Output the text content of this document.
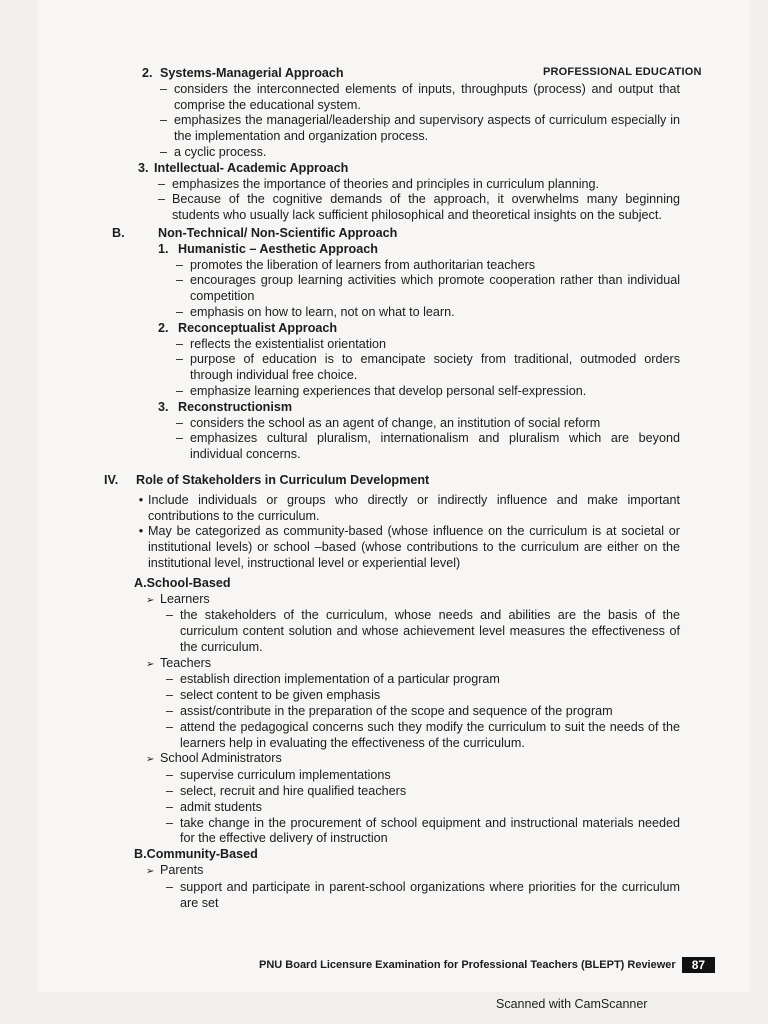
PROFESSIONAL EDUCATION
2. Systems-Managerial Approach
– considers the interconnected elements of inputs, throughputs (process) and output that comprise the educational system.
– emphasizes the managerial/leadership and supervisory aspects of curriculum especially in the implementation and organization process.
– a cyclic process.
3. Intellectual- Academic Approach
– emphasizes the importance of theories and principles in curriculum planning.
– Because of the cognitive demands of the approach, it overwhelms many beginning students who usually lack sufficient philosophical and theoretical insights on the subject.
B.	Non-Technical/ Non-Scientific Approach
1. Humanistic – Aesthetic Approach
– promotes the liberation of learners from authoritarian teachers
– encourages group learning activities which promote cooperation rather than individual competition
– emphasis on how to learn, not on what to learn.
2. Reconceptualist Approach
– reflects the existentialist orientation
– purpose of education is to emancipate society from traditional, outmoded orders through individual free choice.
– emphasize learning experiences that develop personal self-expression.
3. Reconstructionism
– considers the school as an agent of change, an institution of social reform
– emphasizes cultural pluralism, internationalism and pluralism which are beyond individual concerns.
IV.	Role of Stakeholders in Curriculum Development
• Include individuals or groups who directly or indirectly influence and make important contributions to the curriculum.
• May be categorized as community-based (whose influence on the curriculum is at societal or institutional levels) or school –based (whose contributions to the curriculum are either on the institutional level, instructional level or experiential level)
A.School-Based
➢ Learners
– the stakeholders of the curriculum, whose needs and abilities are the basis of the curriculum content solution and whose achievement level measures the effectiveness of the curriculum.
➢ Teachers
– establish direction implementation of a particular program
– select content to be given emphasis
– assist/contribute in the preparation of the scope and sequence of the program
– attend the pedagogical concerns such they modify the curriculum to suit the needs of the learners help in evaluating the effectiveness of the curriculum.
➢ School Administrators
– supervise curriculum implementations
– select, recruit and hire qualified teachers
– admit students
– take change in the procurement of school equipment and instructional materials needed for the effective delivery of instruction
B.Community-Based
➢ Parents
– support and participate in parent-school organizations where priorities for the curriculum are set
PNU Board Licensure Examination for Professional Teachers (BLEPT) Reviewer	87
Scanned with CamScanner
